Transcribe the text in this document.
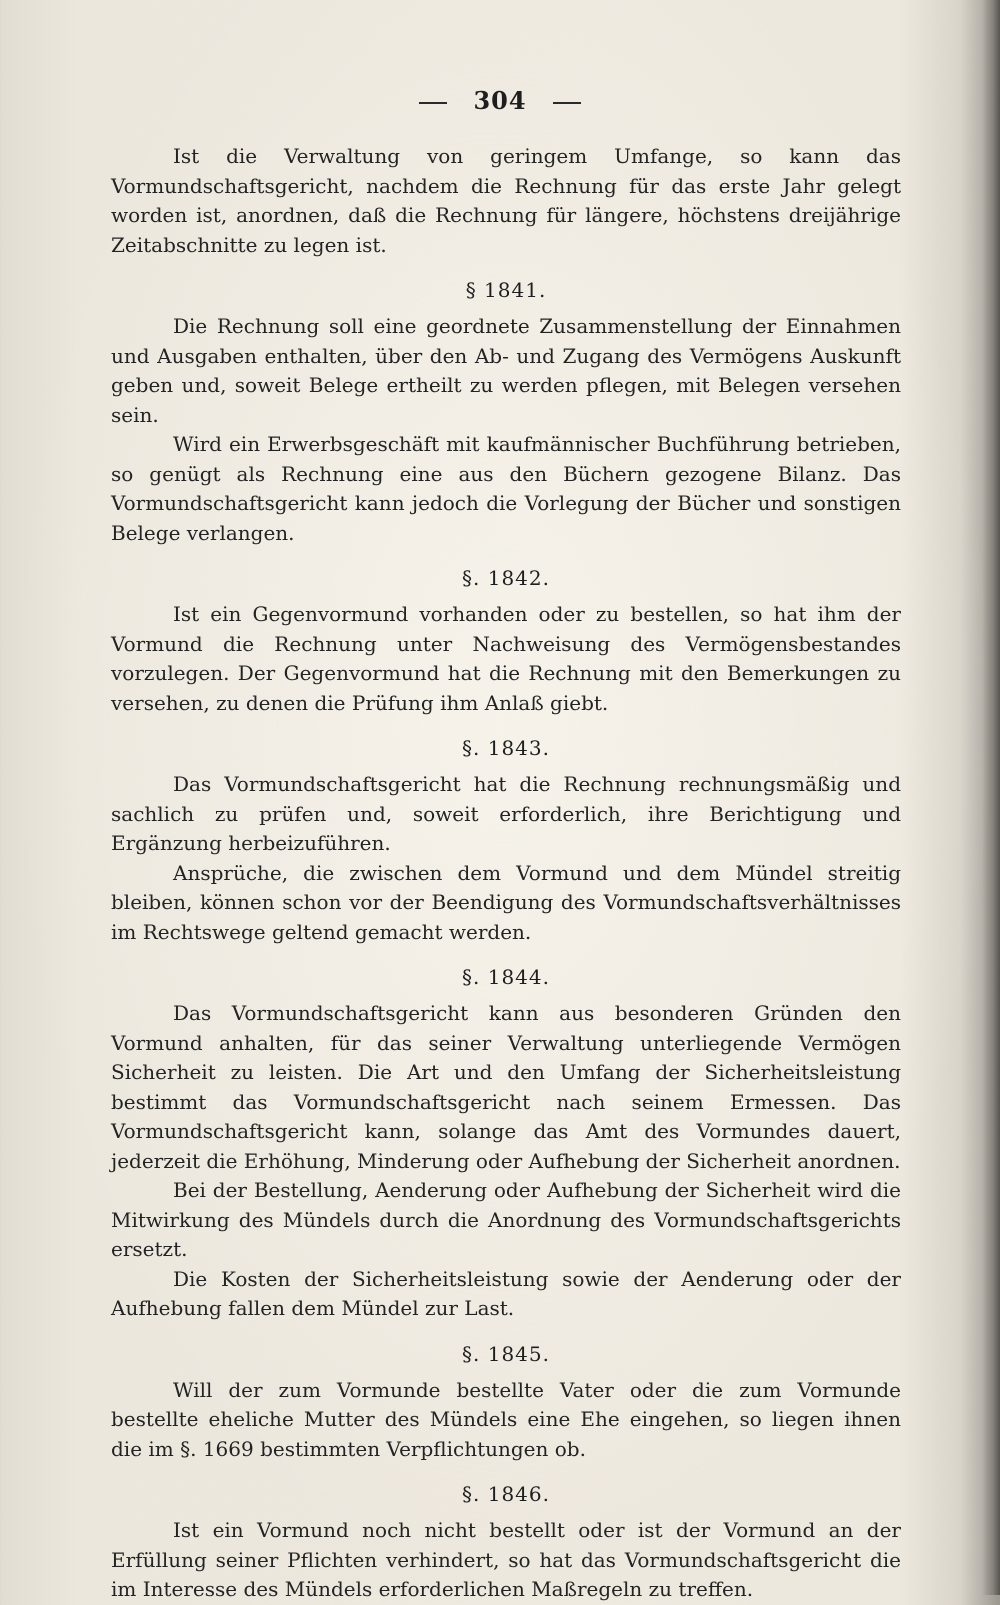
304

Ist die Verwaltung von geringem Umfange, so kann das Vormundschaftsgericht, nachdem die Rechnung für das erste Jahr gelegt worden ist, anordnen, daß die Rechnung für längere, höchstens dreijährige Zeitabschnitte zu legen ist.

§ 1841.

Die Rechnung soll eine geordnete Zusammenstellung der Einnahmen und Ausgaben enthalten, über den Ab- und Zugang des Vermögens Auskunft geben und, soweit Belege ertheilt zu werden pflegen, mit Belegen versehen sein.

Wird ein Erwerbsgeschäft mit kaufmännischer Buchführung betrieben, so genügt als Rechnung eine aus den Büchern gezogene Bilanz. Das Vormundschaftsgericht kann jedoch die Vorlegung der Bücher und sonstigen Belege verlangen.

§. 1842.

Ist ein Gegenvormund vorhanden oder zu bestellen, so hat ihm der Vormund die Rechnung unter Nachweisung des Vermögensbestandes vorzulegen. Der Gegenvormund hat die Rechnung mit den Bemerkungen zu versehen, zu denen die Prüfung ihm Anlaß giebt.

§. 1843.

Das Vormundschaftsgericht hat die Rechnung rechnungsmäßig und sachlich zu prüfen und, soweit erforderlich, ihre Berichtigung und Ergänzung herbeizuführen.

Ansprüche, die zwischen dem Vormund und dem Mündel streitig bleiben, können schon vor der Beendigung des Vormundschaftsverhältnisses im Rechtswege geltend gemacht werden.

§. 1844.

Das Vormundschaftsgericht kann aus besonderen Gründen den Vormund anhalten, für das seiner Verwaltung unterliegende Vermögen Sicherheit zu leisten. Die Art und den Umfang der Sicherheitsleistung bestimmt das Vormundschaftsgericht nach seinem Ermessen. Das Vormundschaftsgericht kann, solange das Amt des Vormundes dauert, jederzeit die Erhöhung, Minderung oder Aufhebung der Sicherheit anordnen.

Bei der Bestellung, Aenderung oder Aufhebung der Sicherheit wird die Mitwirkung des Mündels durch die Anordnung des Vormundschaftsgerichts ersetzt.

Die Kosten der Sicherheitsleistung sowie der Aenderung oder der Aufhebung fallen dem Mündel zur Last.

§. 1845.

Will der zum Vormunde bestellte Vater oder die zum Vormunde bestellte eheliche Mutter des Mündels eine Ehe eingehen, so liegen ihnen die im §. 1669 bestimmten Verpflichtungen ob.

§. 1846.

Ist ein Vormund noch nicht bestellt oder ist der Vormund an der Erfüllung seiner Pflichten verhindert, so hat das Vormundschaftsgericht die im Interesse des Mündels erforderlichen Maßregeln zu treffen.
